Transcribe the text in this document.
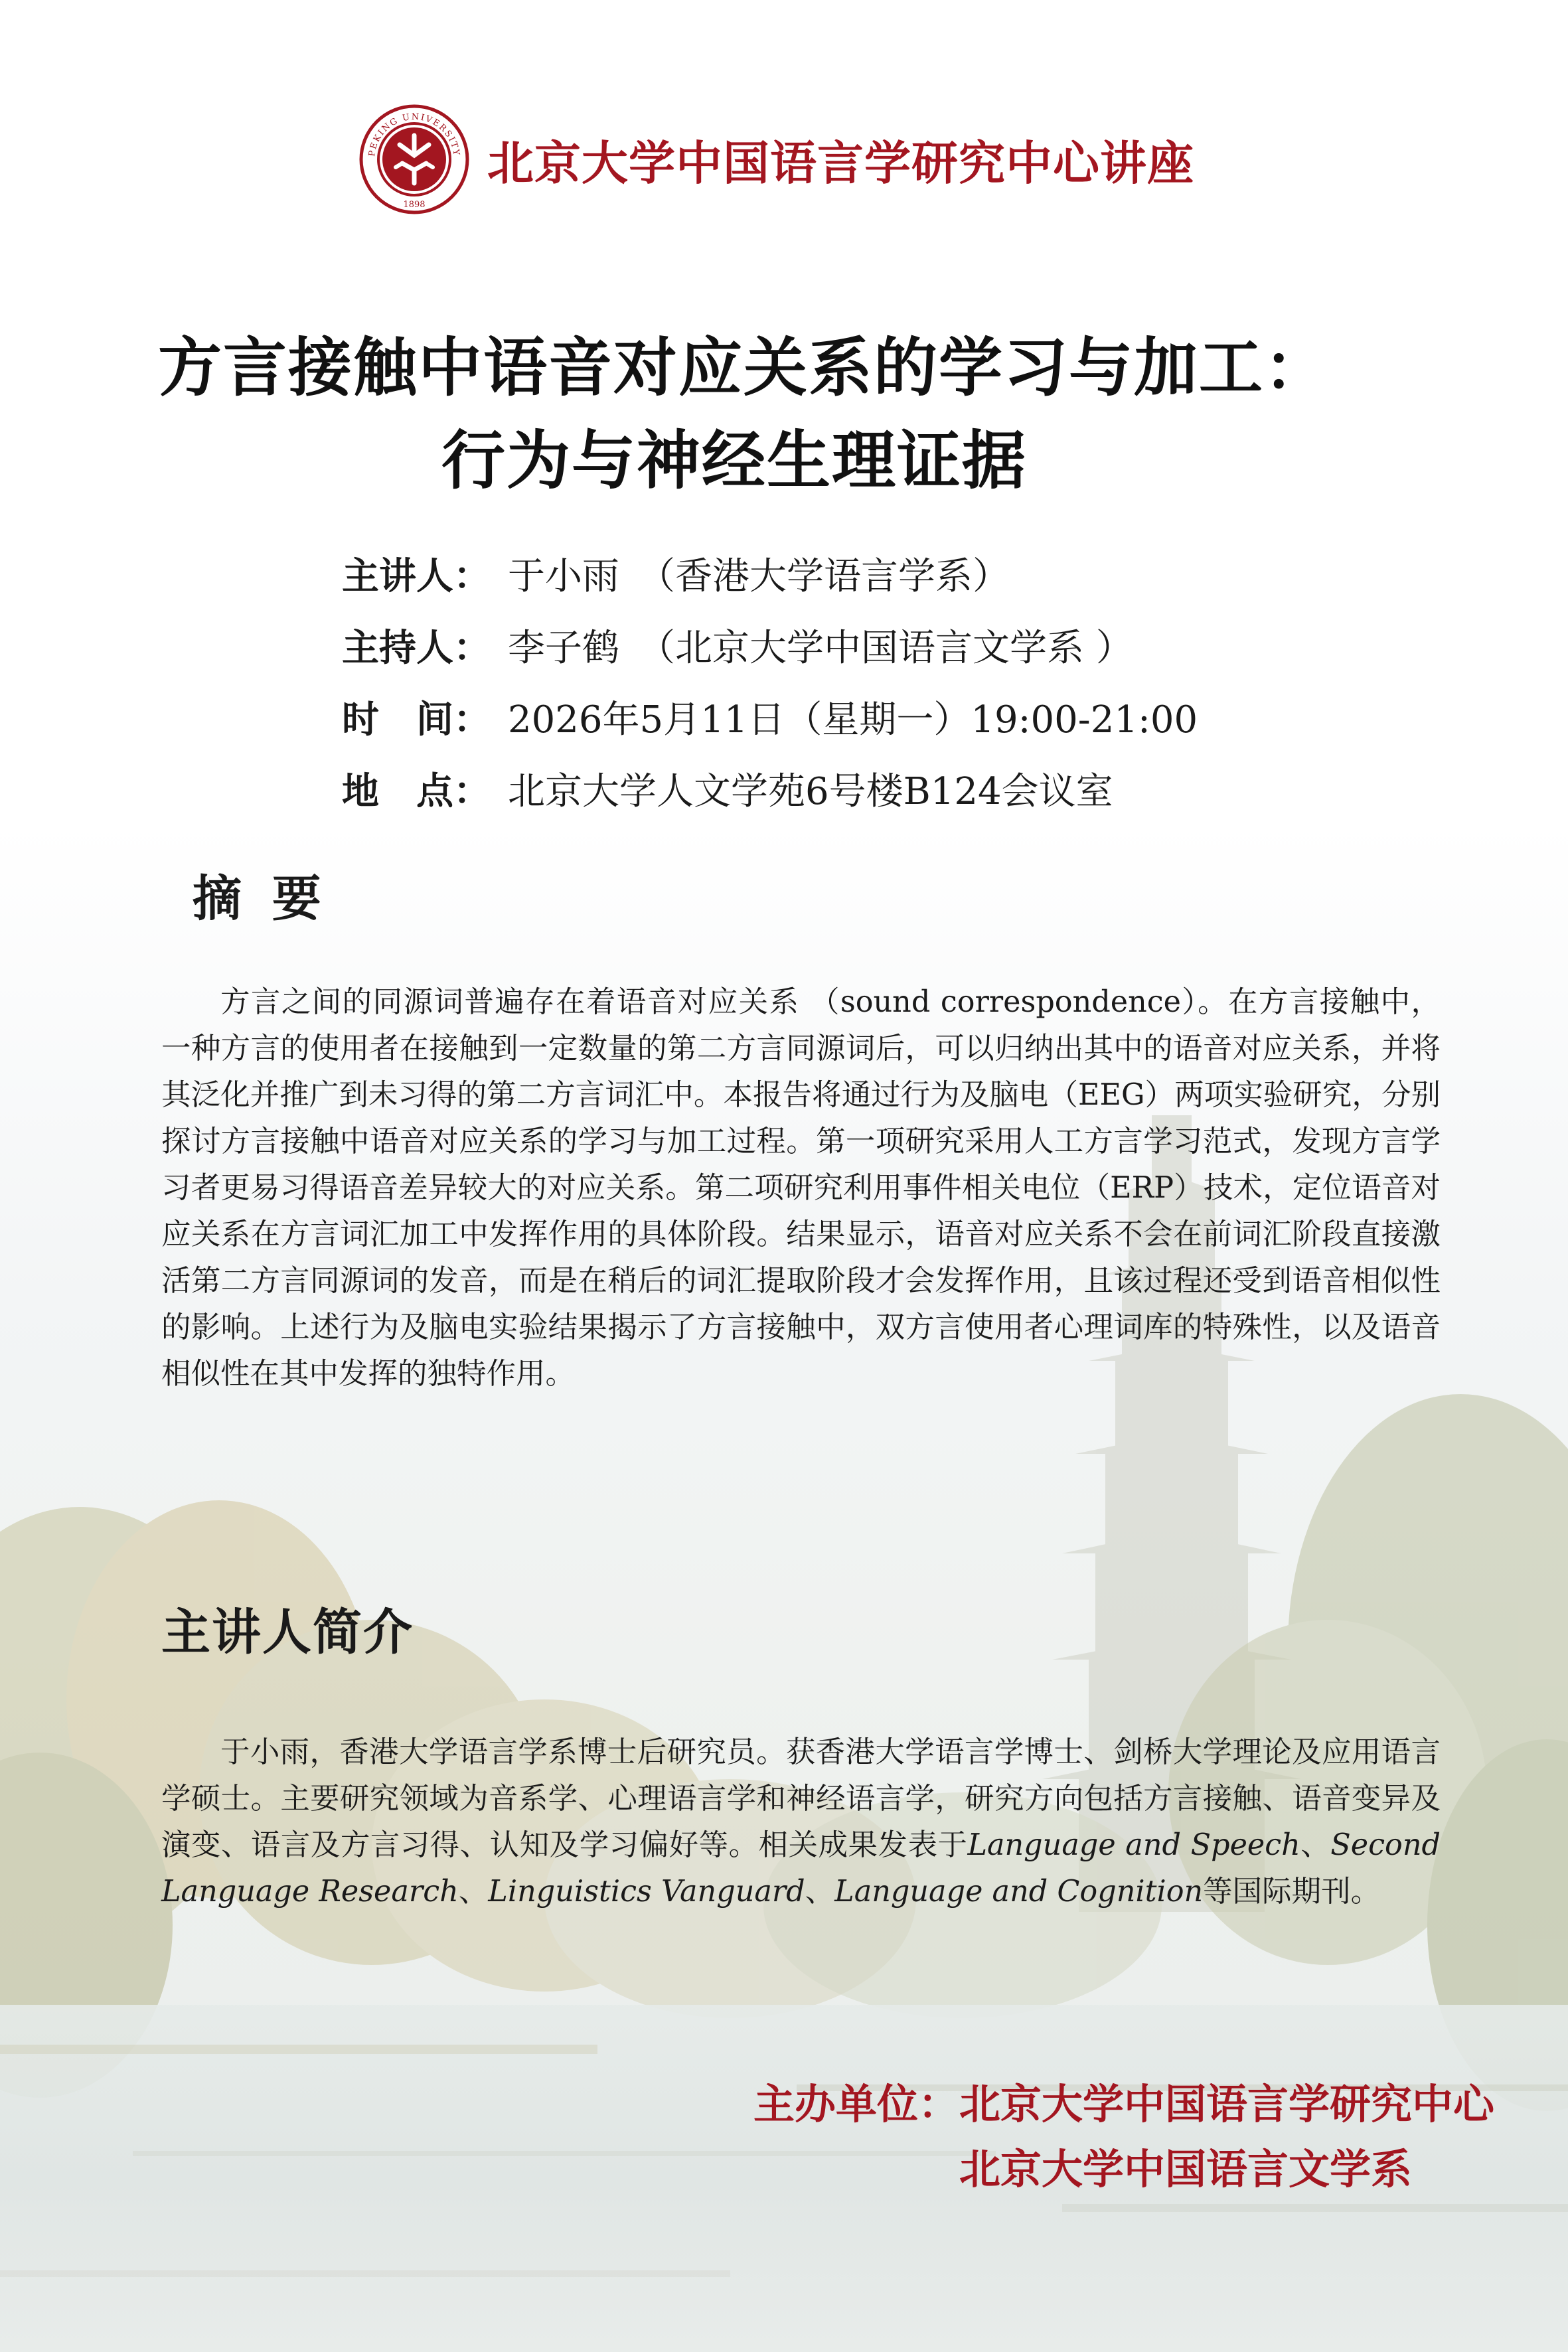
PEKING UNIVERSITY
1898
北京大学中国语言学研究中心讲座
方言接触中语音对应关系的学习与加工：
行为与神经生理证据
主讲人： 于小雨　（香港大学语言学系）
主持人： 李子鹤　（北京大学中国语言文学系 ）
时　间： 2026年5月11日（星期一）19:00-21:00
地　点： 北京大学人文学苑6号楼B124会议室
摘 要
方言之间的同源词普遍存在着语音对应关系 （sound correspondence）。在方言接触中，一种方言的使用者在接触到一定数量的第二方言同源词后，可以归纳出其中的语音对应关系，并将其泛化并推广到未习得的第二方言词汇中。本报告将通过行为及脑电（EEG）两项实验研究，分别探讨方言接触中语音对应关系的学习与加工过程。第一项研究采用人工方言学习范式，发现方言学习者更易习得语音差异较大的对应关系。第二项研究利用事件相关电位（ERP）技术，定位语音对应关系在方言词汇加工中发挥作用的具体阶段。结果显示，语音对应关系不会在前词汇阶段直接激活第二方言同源词的发音，而是在稍后的词汇提取阶段才会发挥作用，且该过程还受到语音相似性的影响。上述行为及脑电实验结果揭示了方言接触中，双方言使用者心理词库的特殊性，以及语音相似性在其中发挥的独特作用。
主讲人简介
于小雨，香港大学语言学系博士后研究员。获香港大学语言学博士、剑桥大学理论及应用语言学硕士。主要研究领域为音系学、心理语言学和神经语言学，研究方向包括方言接触、语音变异及演变、语言及方言习得、认知及学习偏好等。相关成果发表于Language and Speech、Second Language Research、Linguistics Vanguard、Language and Cognition等国际期刊。
主办单位：北京大学中国语言学研究中心
北京大学中国语言文学系
